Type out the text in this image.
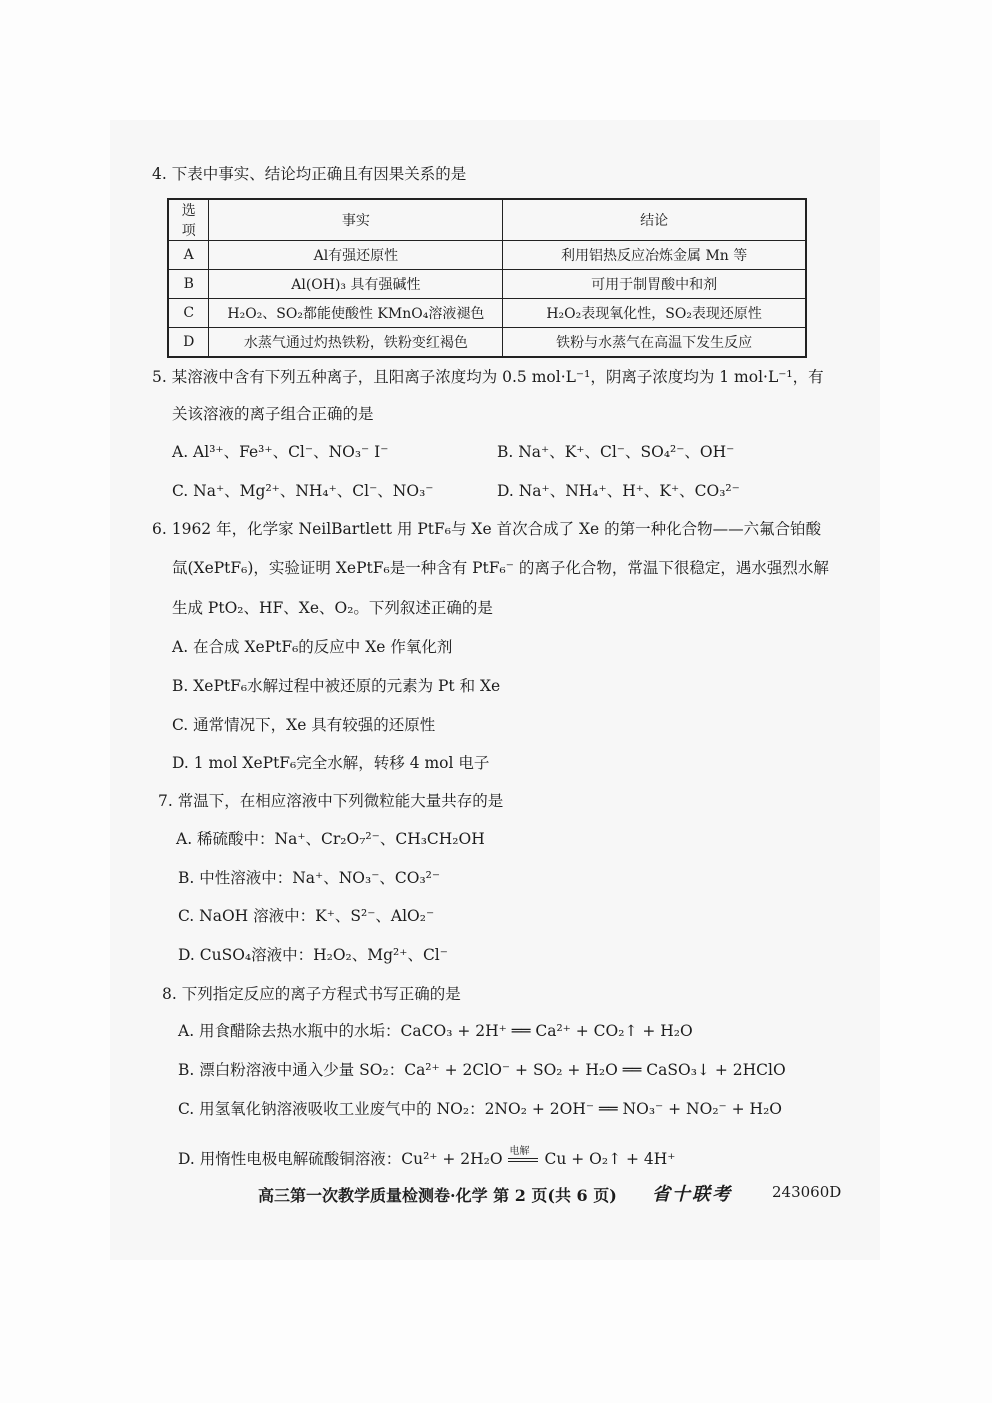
4. 下表中事实、结论均正确且有因果关系的是
选项	事实	结论
A	Al有强还原性	利用铝热反应冶炼金属 Mn 等
B	Al(OH)₃ 具有强碱性	可用于制胃酸中和剂
C	H₂O₂、SO₂都能使酸性 KMnO₄溶液褪色	H₂O₂表现氧化性，SO₂表现还原性
D	水蒸气通过灼热铁粉，铁粉变红褐色	铁粉与水蒸气在高温下发生反应
5. 某溶液中含有下列五种离子，且阳离子浓度均为 0.5 mol·L⁻¹，阴离子浓度均为 1 mol·L⁻¹，有
关该溶液的离子组合正确的是
A. Al³⁺、Fe³⁺、Cl⁻、NO₃⁻ I⁻	B. Na⁺、K⁺、Cl⁻、SO₄²⁻、OH⁻
C. Na⁺、Mg²⁺、NH₄⁺、Cl⁻、NO₃⁻	D. Na⁺、NH₄⁺、H⁺、K⁺、CO₃²⁻
6. 1962 年，化学家 NeilBartlett 用 PtF₆与 Xe 首次合成了 Xe 的第一种化合物——六氟合铂酸
氙(XePtF₆)，实验证明 XePtF₆是一种含有 PtF₆⁻ 的离子化合物，常温下很稳定，遇水强烈水解
生成 PtO₂、HF、Xe、O₂。下列叙述正确的是
A. 在合成 XePtF₆的反应中 Xe 作氧化剂
B. XePtF₆水解过程中被还原的元素为 Pt 和 Xe
C. 通常情况下，Xe 具有较强的还原性
D. 1 mol XePtF₆完全水解，转移 4 mol 电子
7. 常温下，在相应溶液中下列微粒能大量共存的是
A. 稀硫酸中：Na⁺、Cr₂O₇²⁻、CH₃CH₂OH
B. 中性溶液中：Na⁺、NO₃⁻、CO₃²⁻
C. NaOH 溶液中：K⁺、S²⁻、AlO₂⁻
D. CuSO₄溶液中：H₂O₂、Mg²⁺、Cl⁻
8. 下列指定反应的离子方程式书写正确的是
A. 用食醋除去热水瓶中的水垢：CaCO₃ + 2H⁺ ══ Ca²⁺ + CO₂↑ + H₂O
B. 漂白粉溶液中通入少量 SO₂：Ca²⁺ + 2ClO⁻ + SO₂ + H₂O ══ CaSO₃↓ + 2HClO
C. 用氢氧化钠溶液吸收工业废气中的 NO₂：2NO₂ + 2OH⁻ ══ NO₃⁻ + NO₂⁻ + H₂O
D. 用惰性电极电解硫酸铜溶液：Cu²⁺ + 2H₂O 电解 Cu + O₂↑ + 4H⁺
高三第一次教学质量检测卷·化学 第 2 页(共 6 页) 省十联考	243060D
